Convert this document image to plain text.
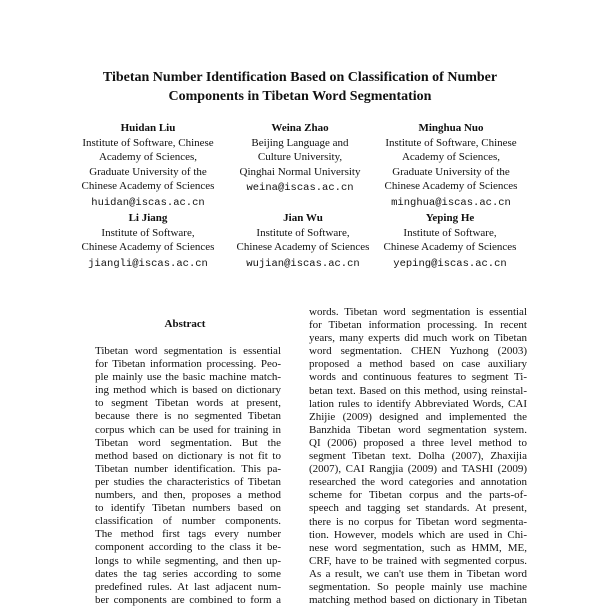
Tibetan Number Identification Based on Classification of Number
Components in Tibetan Word Segmentation
Huidan Liu
Institute of Software, Chinese
Academy of Sciences,
Graduate University of the
Chinese Academy of Sciences
huidan@iscas.ac.cn
Weina Zhao
Beijing Language and
Culture University,
Qinghai Normal University
weina@iscas.ac.cn
Minghua Nuo
Institute of Software, Chinese
Academy of Sciences,
Graduate University of the
Chinese Academy of Sciences
minghua@iscas.ac.cn
Li Jiang
Institute of Software,
Chinese Academy of Sciences
jiangli@iscas.ac.cn
Jian Wu
Institute of Software,
Chinese Academy of Sciences
wujian@iscas.ac.cn
Yeping He
Institute of Software,
Chinese Academy of Sciences
yeping@iscas.ac.cn
Abstract
Tibetan word segmentation is essential
for Tibetan information processing. Peo-
ple mainly use the basic machine match-
ing method which is based on dictionary
to segment Tibetan words at present,
because there is no segmented Tibetan
corpus which can be used for training in
Tibetan word segmentation. But the
method based on dictionary is not fit to
Tibetan number identification. This pa-
per studies the characteristics of Tibetan
numbers, and then, proposes a method
to identify Tibetan numbers based on
classification of number components.
The method first tags every number
component according to the class it be-
longs to while segmenting, and then up-
dates the tag series according to some
predefined rules. At last adjacent num-
ber components are combined to form a
words. Tibetan word segmentation is essential
for Tibetan information processing. In recent
years, many experts did much work on Tibetan
word segmentation. CHEN Yuzhong (2003)
proposed a method based on case auxiliary
words and continuous features to segment Ti-
betan text. Based on this method, using reinstal-
lation rules to identify Abbreviated Words, CAI
Zhijie (2009) designed and implemented the
Banzhida Tibetan word segmentation system.
QI (2006) proposed a three level method to
segment Tibetan text. Dolha (2007), Zhaxijia
(2007), CAI Rangjia (2009) and TASHI (2009)
researched the word categories and annotation
scheme for Tibetan corpus and the parts-of-
speech and tagging set standards. At present,
there is no corpus for Tibetan word segmenta-
tion. However, models which are used in Chi-
nese word segmentation, such as HMM, ME,
CRF, have to be trained with segmented corpus.
As a result, we can't use them in Tibetan word
segmentation. So people mainly use machine
matching method based on dictionary in Tibetan
